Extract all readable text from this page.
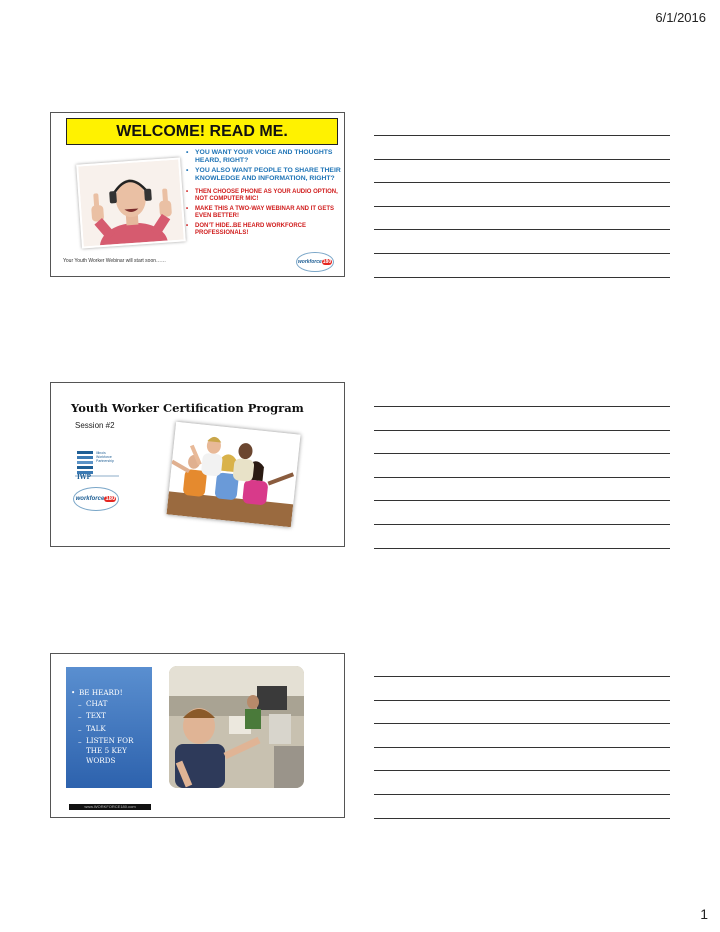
6/1/2016
WELCOME! READ ME.
• YOU WANT YOUR VOICE AND THOUGHTS HEARD, RIGHT?
• YOU ALSO WANT PEOPLE TO SHARE THEIR KNOWLEDGE AND INFORMATION, RIGHT?
• THEN CHOOSE PHONE AS YOUR AUDIO OPTION, NOT COMPUTER MIC!
• MAKE THIS A TWO-WAY WEBINAR AND IT GETS EVEN BETTER!
• DON’T HIDE..BE HEARD WORKFORCE PROFESSIONALS!
Your Youth Worker Webinar will start soon……	workforce180
Youth Worker Certification Program
Session #2
Illinois
Workforce
Partnership
IWP
workforce180
• BE HEARD!
– CHAT
– TEXT
– TALK
– LISTEN FOR THE 5 KEY WORDS
www.WORKFORCE180.com
1
